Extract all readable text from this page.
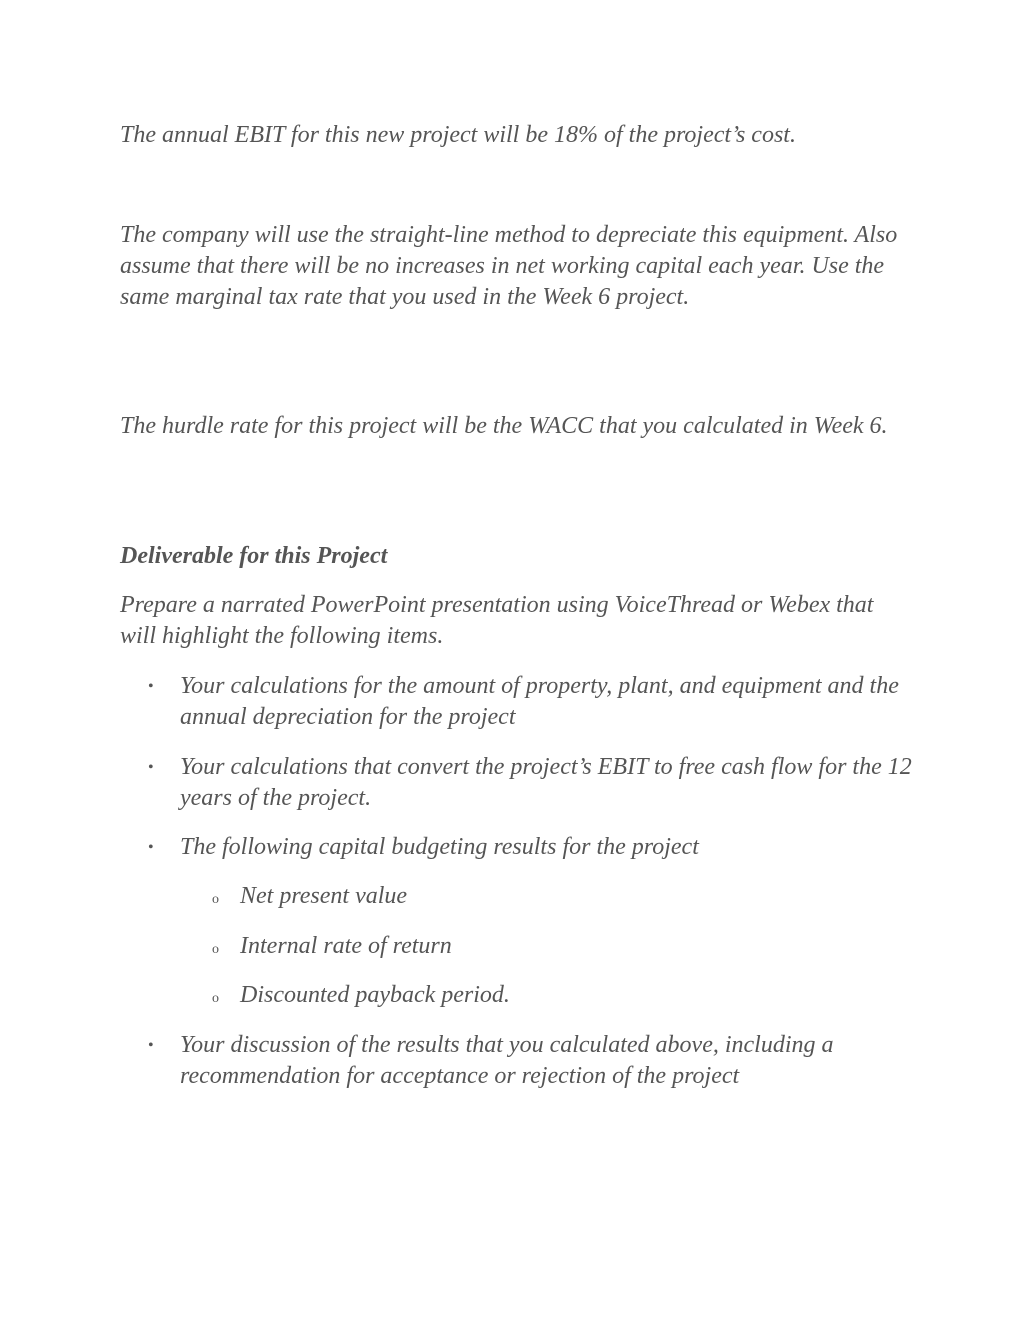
The annual EBIT for this new project will be 18% of the project’s cost.

The company will use the straight-line method to depreciate this equipment. Also assume that there will be no increases in net working capital each year. Use the same marginal tax rate that you used in the Week 6 project.

The hurdle rate for this project will be the WACC that you calculated in Week 6.

Deliverable for this Project

Prepare a narrated PowerPoint presentation using VoiceThread or Webex that will highlight the following items.

• Your calculations for the amount of property, plant, and equipment and the annual depreciation for the project
• Your calculations that convert the project’s EBIT to free cash flow for the 12 years of the project.
• The following capital budgeting results for the project
o Net present value
o Internal rate of return
o Discounted payback period.
• Your discussion of the results that you calculated above, including a recommendation for acceptance or rejection of the project
